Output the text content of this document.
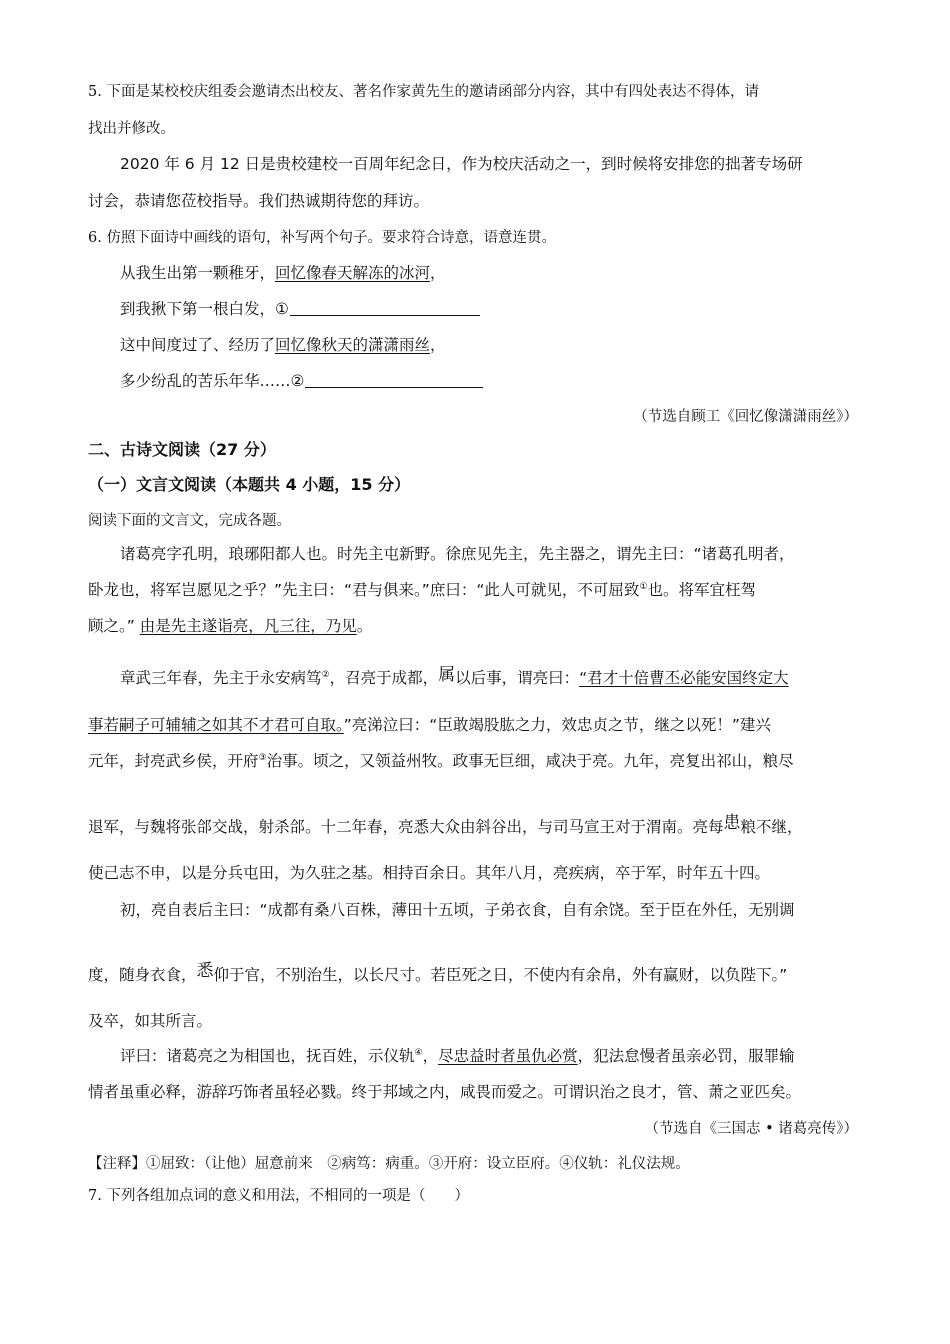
5. 下面是某校校庆组委会邀请杰出校友、著名作家黄先生的邀请函部分内容，其中有四处表达不得体，请
找出并修改。
2020 年 6 月 12 日是贵校建校一百周年纪念日，作为校庆活动之一，到时候将安排您的拙著专场研
讨会，恭请您莅校指导。我们热诚期待您的拜访。
6. 仿照下面诗中画线的语句，补写两个句子。要求符合诗意，语意连贯。
从我生出第一颗稚牙，回忆像春天解冻的冰河，
到我揪下第一根白发，①
这中间度过了、经历了回忆像秋天的潇潇雨丝，
多少纷乱的苦乐年华……②
（节选自顾工《回忆像潇潇雨丝》）
二、古诗文阅读（27 分）
（一）文言文阅读（本题共 4 小题，15 分）
阅读下面的文言文，完成各题。
诸葛亮字孔明，琅琊阳都人也。时先主屯新野。徐庶见先主，先主器之，谓先主曰：“诸葛孔明者，
卧龙也，将军岂愿见之乎？”先主曰：“君与俱来。”庶曰：“此人可就见，不可屈致①也。将军宜枉驾
顾之。” 由是先主遂诣亮，凡三往，乃见。
章武三年春，先主于永安病笃②，召亮于成都，属以后事，谓亮曰：“君才十倍曹丕必能安国终定大
事若嗣子可辅辅之如其不才君可自取。”亮涕泣曰：“臣敢竭股肱之力，效忠贞之节，继之以死！”建兴
元年，封亮武乡侯，开府③治事。顷之，又领益州牧。政事无巨细，咸决于亮。九年，亮复出祁山，粮尽
退军，与魏将张郃交战，射杀郃。十二年春，亮悉大众由斜谷出，与司马宣王对于渭南。亮每患粮不继，
使己志不申，以是分兵屯田，为久驻之基。相持百余日。其年八月，亮疾病，卒于军，时年五十四。
初，亮自表后主曰：“成都有桑八百株，薄田十五顷，子弟衣食，自有余饶。至于臣在外任，无别调
度，随身衣食，悉仰于官，不别治生，以长尺寸。若臣死之日，不使内有余帛，外有赢财，以负陛下。”
及卒，如其所言。
评曰：诸葛亮之为相国也，抚百姓，示仪轨④，尽忠益时者虽仇必赏，犯法怠慢者虽亲必罚，服罪输
情者虽重必释，游辞巧饰者虽轻必戮。终于邦域之内，咸畏而爱之。可谓识治之良才，管、萧之亚匹矣。
（节选自《三国志 • 诸葛亮传》）
【注释】①屈致：（让他）屈意前来　②病笃：病重。③开府：设立臣府。④仪轨：礼仪法规。
7. 下列各组加点词的意义和用法，不相同的一项是（　　）
